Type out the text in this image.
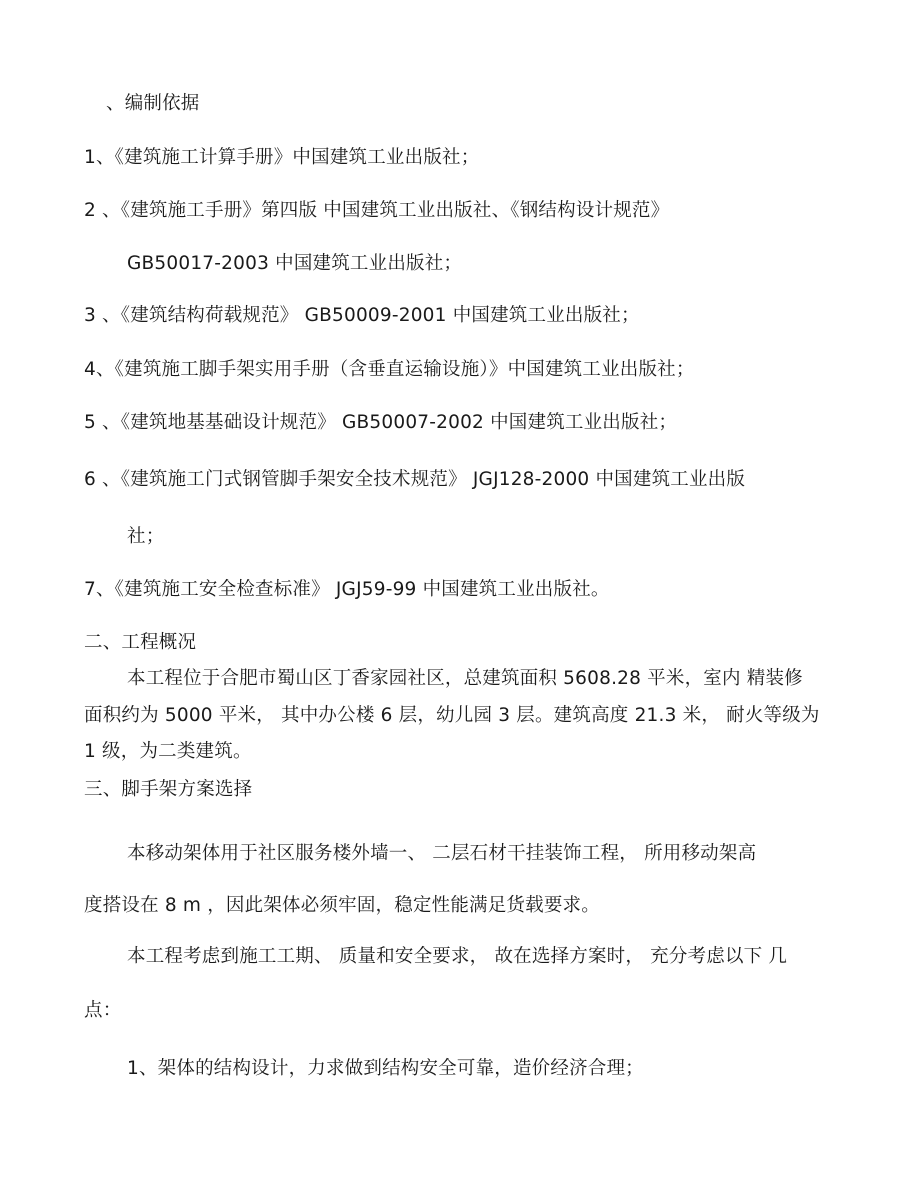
、编制依据
1、《建筑施工计算手册》中国建筑工业出版社；
2 、《建筑施工手册》第四版 中国建筑工业出版社、《钢结构设计规范》
GB50017-2003 中国建筑工业出版社；
3 、《建筑结构荷载规范》 GB50009-2001 中国建筑工业出版社；
4、《建筑施工脚手架实用手册（含垂直运输设施）》中国建筑工业出版社；
5 、《建筑地基基础设计规范》 GB50007-2002 中国建筑工业出版社；
6 、《建筑施工门式钢管脚手架安全技术规范》 JGJ128-2000 中国建筑工业出版
社；
7、《建筑施工安全检查标准》 JGJ59-99 中国建筑工业出版社。
二、工程概况
本工程位于合肥市蜀山区丁香家园社区，总建筑面积 5608.28 平米，室内 精装修
面积约为 5000 平米， 其中办公楼 6 层，幼儿园 3 层。建筑高度 21.3 米， 耐火等级为
1 级，为二类建筑。
三、脚手架方案选择
本移动架体用于社区服务楼外墙一、 二层石材干挂装饰工程， 所用移动架高
度搭设在 8 m ，因此架体必须牢固，稳定性能满足货载要求。
本工程考虑到施工工期、 质量和安全要求， 故在选择方案时， 充分考虑以下 几
点：
1、架体的结构设计，力求做到结构安全可靠，造价经济合理；
